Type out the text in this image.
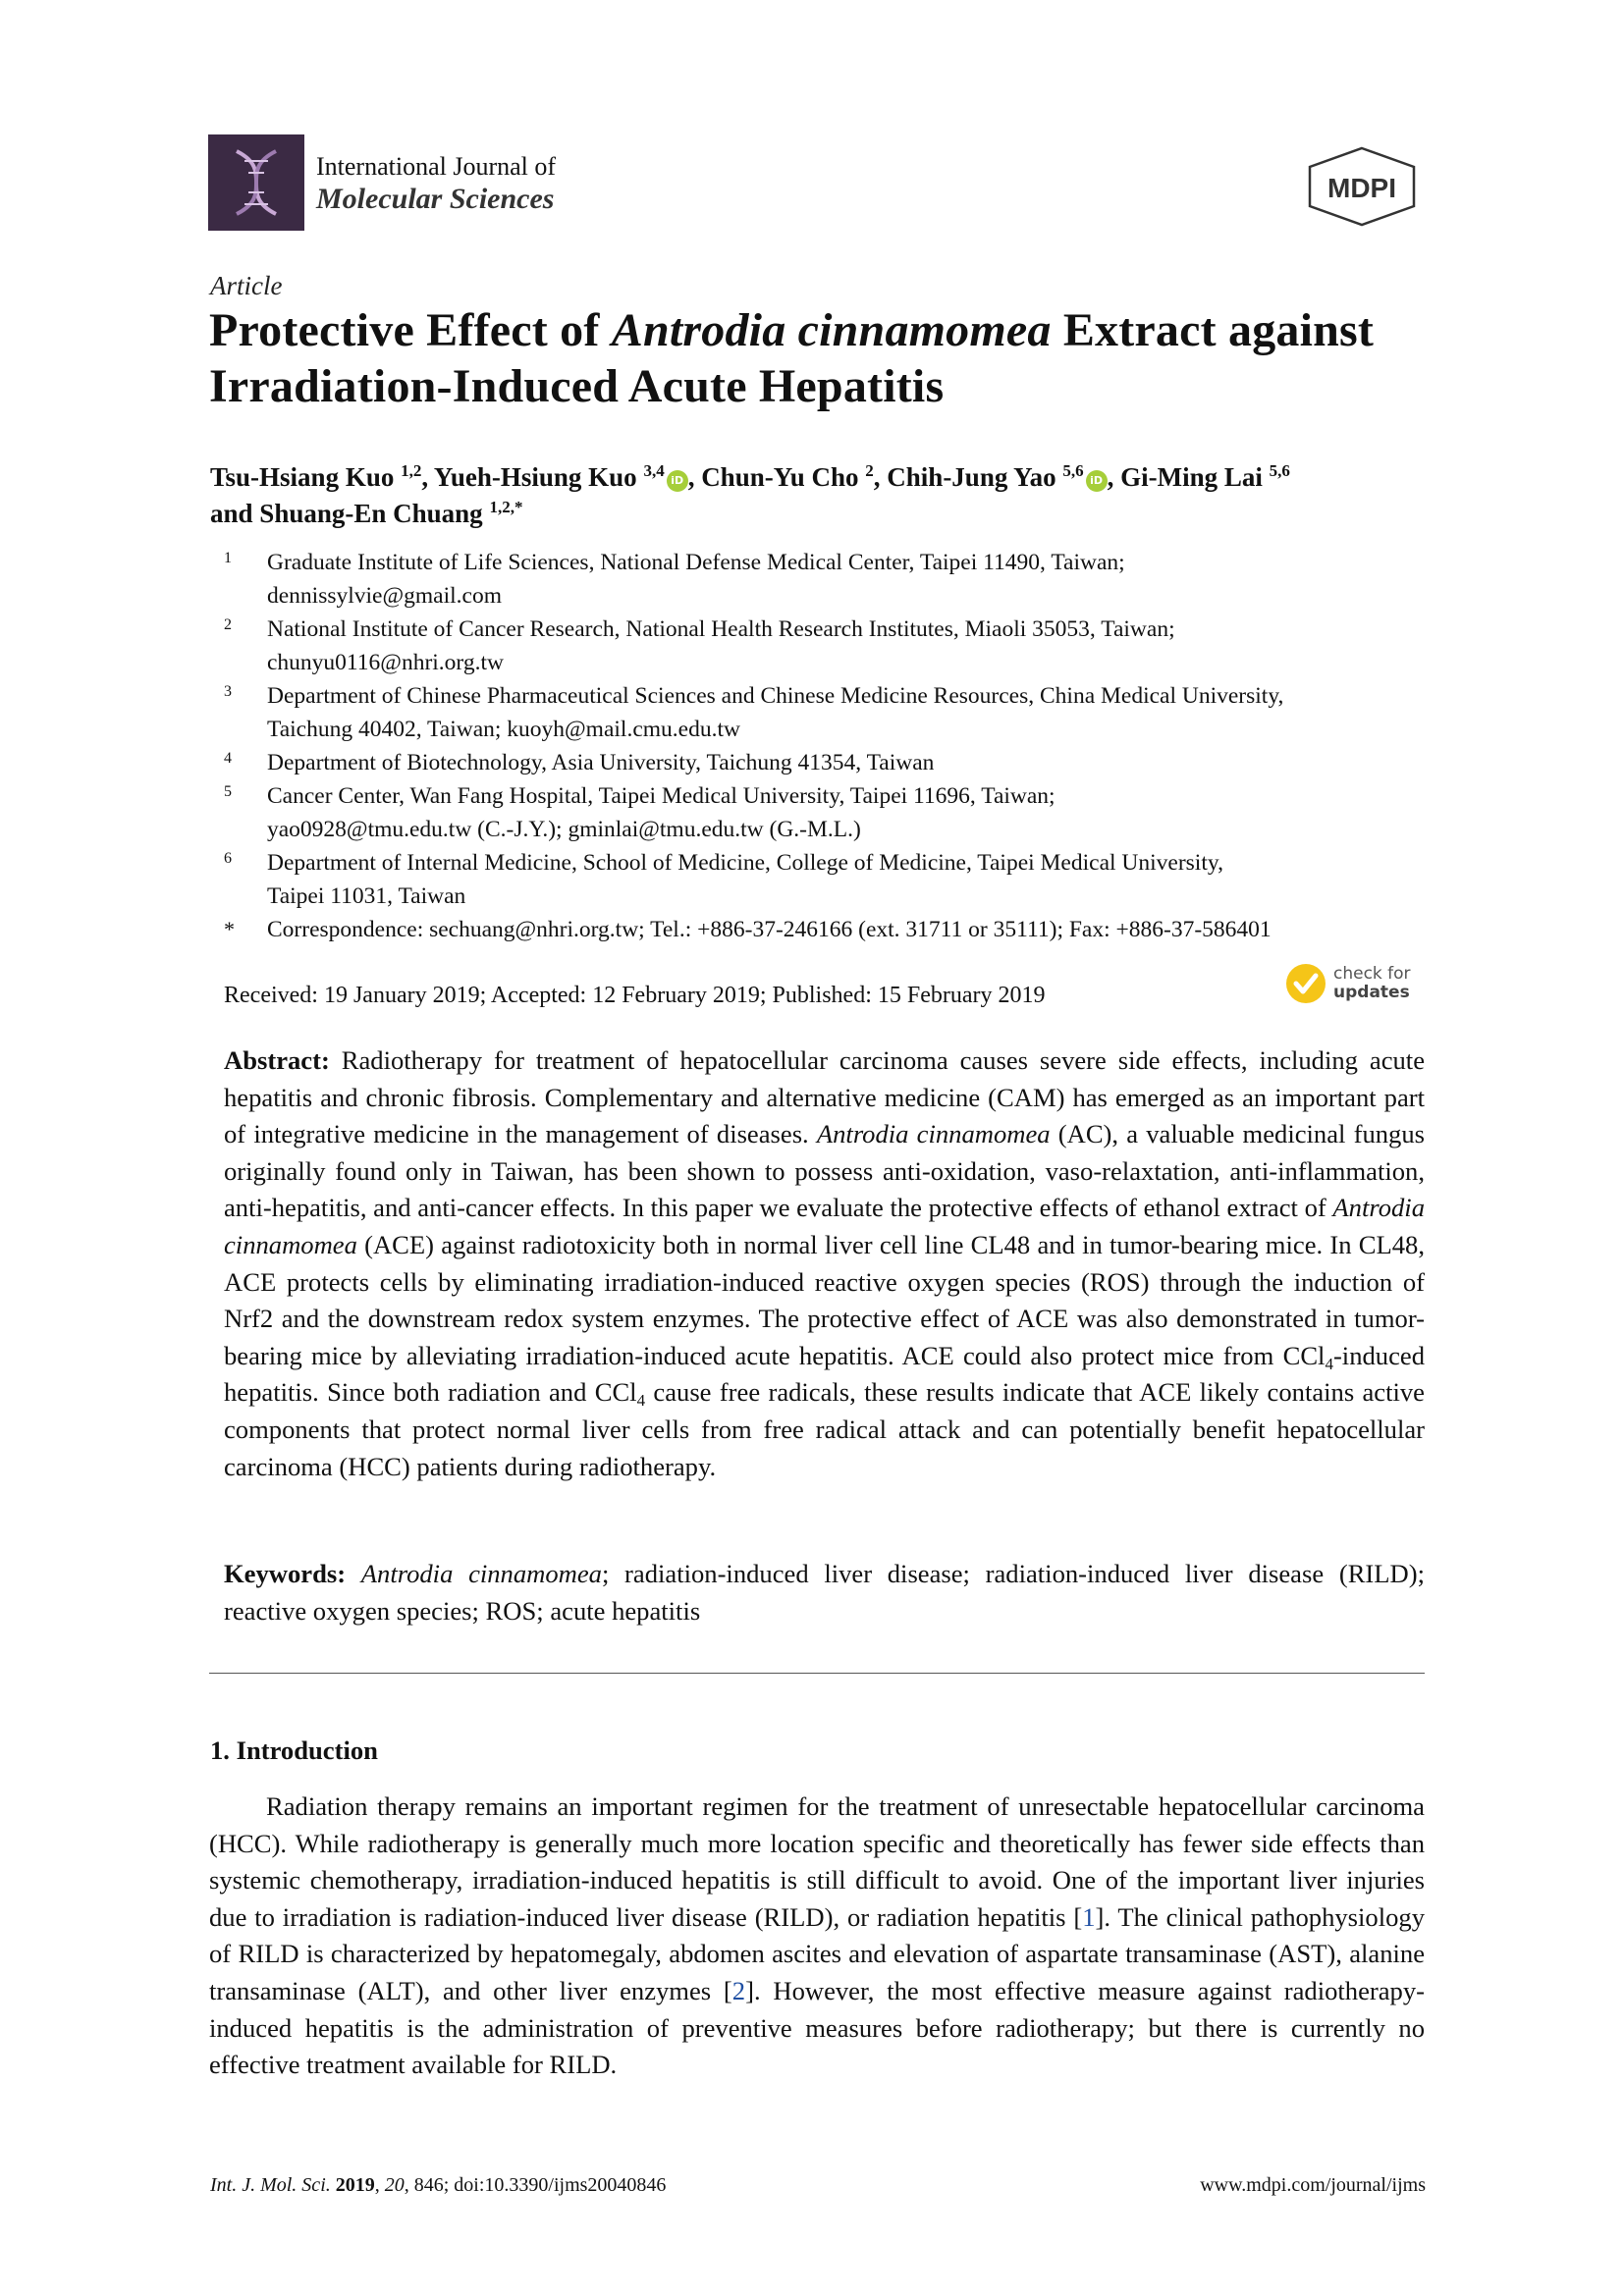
International Journal of
Molecular Sciences	MDPI
Article
Protective Effect of Antrodia cinnamomea Extract against Irradiation-Induced Acute Hepatitis
Tsu-Hsiang Kuo $^{1,2}$, Yueh-Hsiung Kuo $^{3,4}$iD , Chun-Yu Cho $^2$, Chih-Jung Yao $^{5,6}$iD , Gi-Ming Lai $^{5,6}$
and Shuang-En Chuang $^{1,2,*}$
1 Graduate Institute of Life Sciences, National Defense Medical Center, Taipei 11490, Taiwan;
dennissylvie@gmail.com
2 National Institute of Cancer Research, National Health Research Institutes, Miaoli 35053, Taiwan;
chunyu0116@nhri.org.tw
3 Department of Chinese Pharmaceutical Sciences and Chinese Medicine Resources, China Medical University,
Taichung 40402, Taiwan; kuoyh@mail.cmu.edu.tw
4 Department of Biotechnology, Asia University, Taichung 41354, Taiwan
5 Cancer Center, Wan Fang Hospital, Taipei Medical University, Taipei 11696, Taiwan;
yao0928@tmu.edu.tw (C.-J.Y.); gminlai@tmu.edu.tw (G.-M.L.)
6 Department of Internal Medicine, School of Medicine, College of Medicine, Taipei Medical University,
Taipei 11031, Taiwan
* Correspondence: sechuang@nhri.org.tw; Tel.: +886-37-246166 (ext. 31711 or 35111); Fax: +886-37-586401
Received: 19 January 2019; Accepted: 12 February 2019; Published: 15 February 2019
check for
updates
Abstract: Radiotherapy for treatment of hepatocellular carcinoma causes severe side effects, including acute hepatitis and chronic fibrosis. Complementary and alternative medicine (CAM) has emerged as an important part of integrative medicine in the management of diseases. Antrodia cinnamomea (AC), a valuable medicinal fungus originally found only in Taiwan, has been shown to possess anti-oxidation, vaso-relaxtation, anti-inflammation, anti-hepatitis, and anti-cancer effects. In this paper we evaluate the protective effects of ethanol extract of Antrodia cinnamomea (ACE) against radiotoxicity both in normal liver cell line CL48 and in tumor-bearing mice. In CL48, ACE protects cells by eliminating irradiation-induced reactive oxygen species (ROS) through the induction of Nrf2 and the downstream redox system enzymes. The protective effect of ACE was also demonstrated in tumor-bearing mice by alleviating irradiation-induced acute hepatitis. ACE could also protect mice from CCl$_4$-induced hepatitis. Since both radiation and CCl$_4$ cause free radicals, these results indicate that ACE likely contains active components that protect normal liver cells from free radical attack and can potentially benefit hepatocellular carcinoma (HCC) patients during radiotherapy.
Keywords: Antrodia cinnamomea; radiation-induced liver disease; radiation-induced liver disease (RILD); reactive oxygen species; ROS; acute hepatitis
1. Introduction
Radiation therapy remains an important regimen for the treatment of unresectable hepatocellular carcinoma (HCC). While radiotherapy is generally much more location specific and theoretically has fewer side effects than systemic chemotherapy, irradiation-induced hepatitis is still difficult to avoid. One of the important liver injuries due to irradiation is radiation-induced liver disease (RILD), or radiation hepatitis [1]. The clinical pathophysiology of RILD is characterized by hepatomegaly, abdomen ascites and elevation of aspartate transaminase (AST), alanine transaminase (ALT), and other liver enzymes [2]. However, the most effective measure against radiotherapy-induced hepatitis is the administration of preventive measures before radiotherapy; but there is currently no effective treatment available for RILD.
Int. J. Mol. Sci. 2019, 20, 846; doi:10.3390/ijms20040846	www.mdpi.com/journal/ijms
